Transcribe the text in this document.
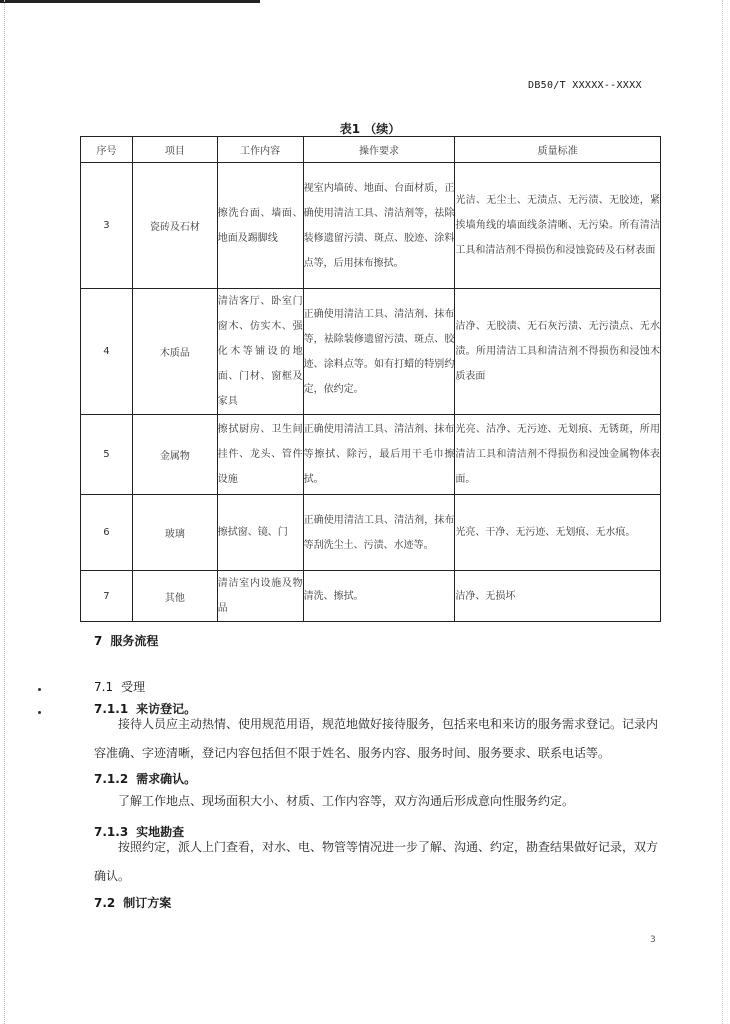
DB50/T XXXXX--XXXX
表1 （续）
序号	项目	工作内容	操作要求	质量标准
3	瓷砖及石材	擦洗台面、墙面、地面及踢脚线	视室内墙砖、地面、台面材质，正确使用清洁工具、清洁剂等，祛除装修遗留污渍、斑点、胶迹、涂料点等，后用抹布擦拭。	光洁、无尘土、无渍点、无污渍、无胶迹，紧挨墙角线的墙面线条清晰、无污染。所有清洁工具和清洁剂不得损伤和浸蚀瓷砖及石材表面
4	木质品	清洁客厅、卧室门窗木、仿实木、强化木等铺设的地面、门材、窗框及家具	正确使用清洁工具、清洁剂、抹布等，袪除装修遗留污渍、斑点、胶迹、涂料点等。如有打蜡的特别约定，依约定。	洁净、无胶渍、无石灰污渍、无污渍点、无水渍。所用清洁工具和清洁剂不得损伤和浸蚀木质表面
5	金属物	擦拭厨房、卫生间挂件、龙头、管件设施	正确使用清洁工具、清洁剂、抹布等擦拭、除污，最后用干毛巾擦拭。	光亮、洁净、无污迹、无划痕、无锈斑，所用清洁工具和清洁剂不得损伤和浸蚀金属物体表面。
6	玻璃	擦拭窗、镜、门	正确使用清洁工具、清洁剂，抹布等刮洗尘土、污渍、水迹等。	光亮、干净、无污迹、无划痕、无水痕。
7	其他	清洁室内设施及物品	清洗、擦拭。	洁净、无损坏
7 服务流程
7.1 受理
7.1.1 来访登记。
接待人员应主动热情、使用规范用语，规范地做好接待服务，包括来电和来访的服务需求登记。记录内容准确、字迹清晰，登记内容包括但不限于姓名、服务内容、服务时间、服务要求、联系电话等。
7.1.2 需求确认。
了解工作地点、现场面积大小、材质、工作内容等，双方沟通后形成意向性服务约定。
7.1.3 实地勘查
按照约定，派人上门查看，对水、电、物管等情况进一步了解、沟通、约定，勘查结果做好记录，双方确认。
7.2 制订方案
3
